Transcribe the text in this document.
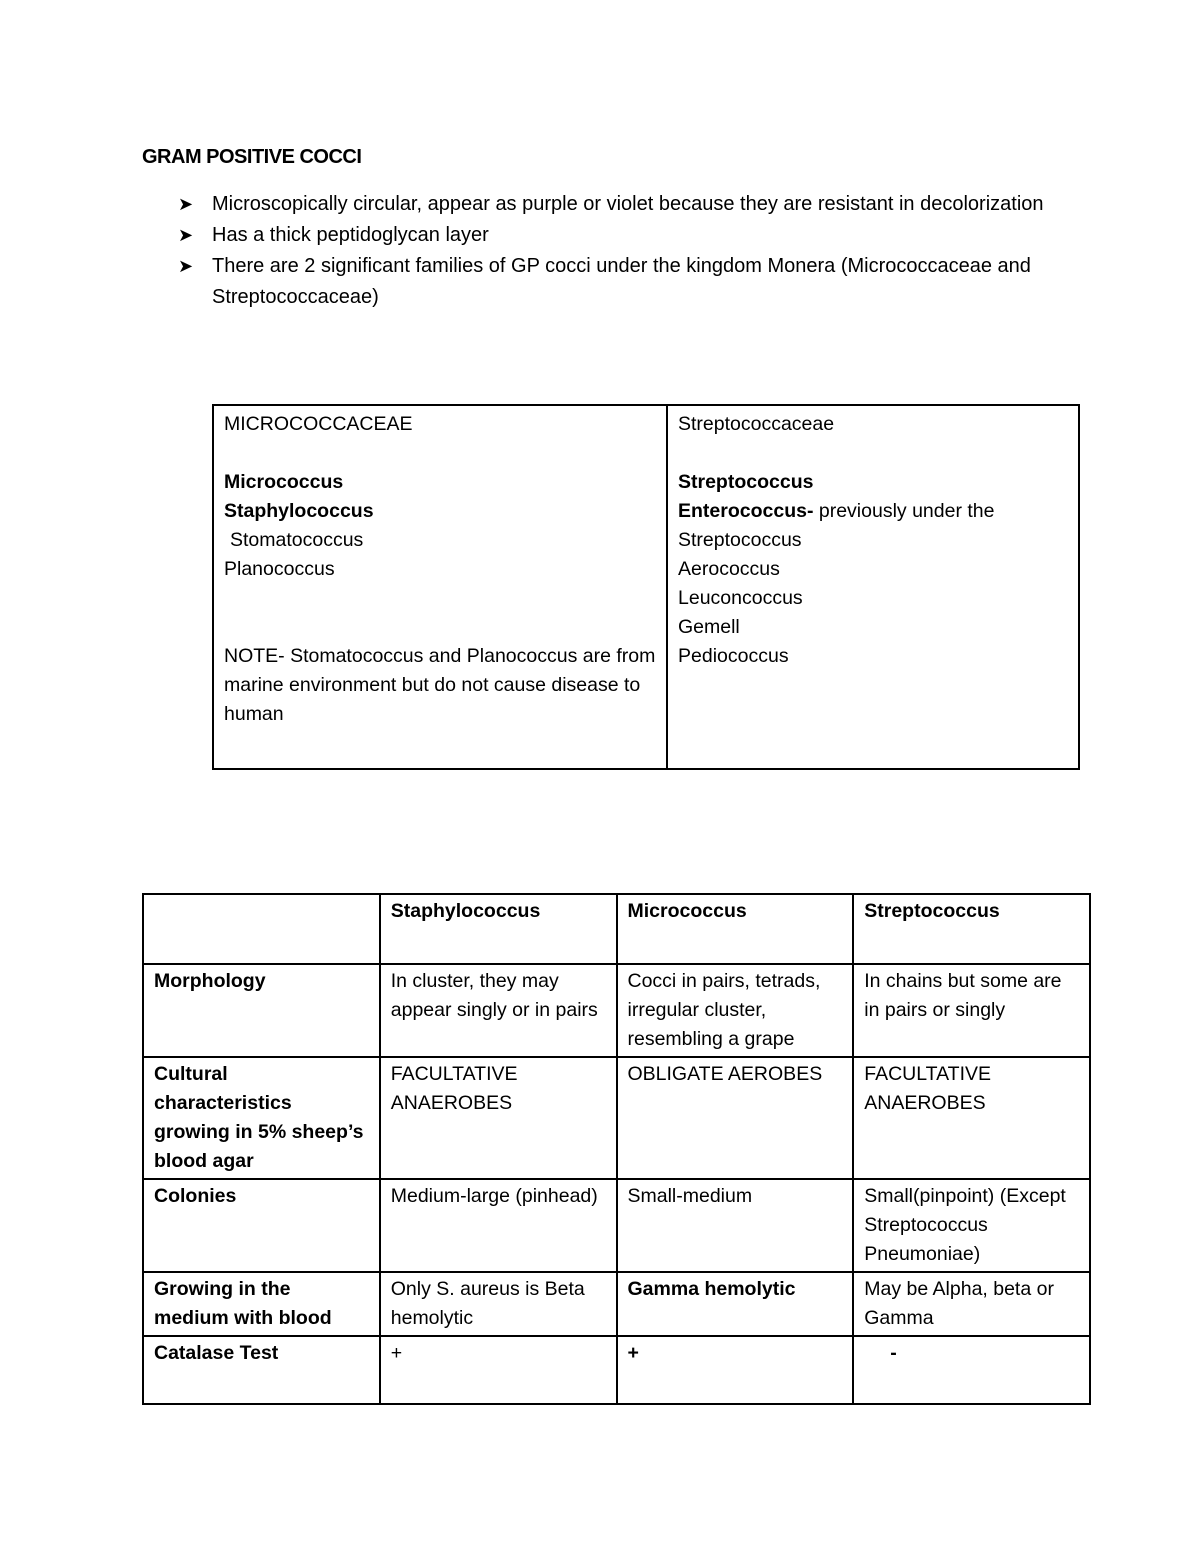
GRAM POSITIVE COCCI
➤ Microscopically circular, appear as purple or violet because they are resistant in decolorization
➤ Has a thick peptidoglycan layer
➤ There are 2 significant families of GP cocci under the kingdom Monera (Micrococcaceae and Streptococcaceae)
MICROCOCCACEAE
Micrococcus
Staphylococcus
Stomatococcus
Planococcus
NOTE- Stomatococcus and Planococcus are from marine environment but do not cause disease to human

Streptococcaceae
Streptococcus
Enterococcus- previously under the Streptococcus
Aerococcus
Leuconcoccus
Gemell
Pediococcus
	Staphylococcus	Micrococcus	Streptococcus
Morphology	In cluster, they may appear singly or in pairs	Cocci in pairs, tetrads, irregular cluster, resembling a grape	In chains but some are in pairs or singly
Cultural characteristics growing in 5% sheep’s blood agar	FACULTATIVE ANAEROBES	OBLIGATE AEROBES	FACULTATIVE ANAEROBES
Colonies	Medium-large (pinhead)	Small-medium	Small(pinpoint) (Except Streptococcus Pneumoniae)
Growing in the medium with blood	Only S. aureus is Beta hemolytic	Gamma hemolytic	May be Alpha, beta or Gamma
Catalase Test	+	+	-
